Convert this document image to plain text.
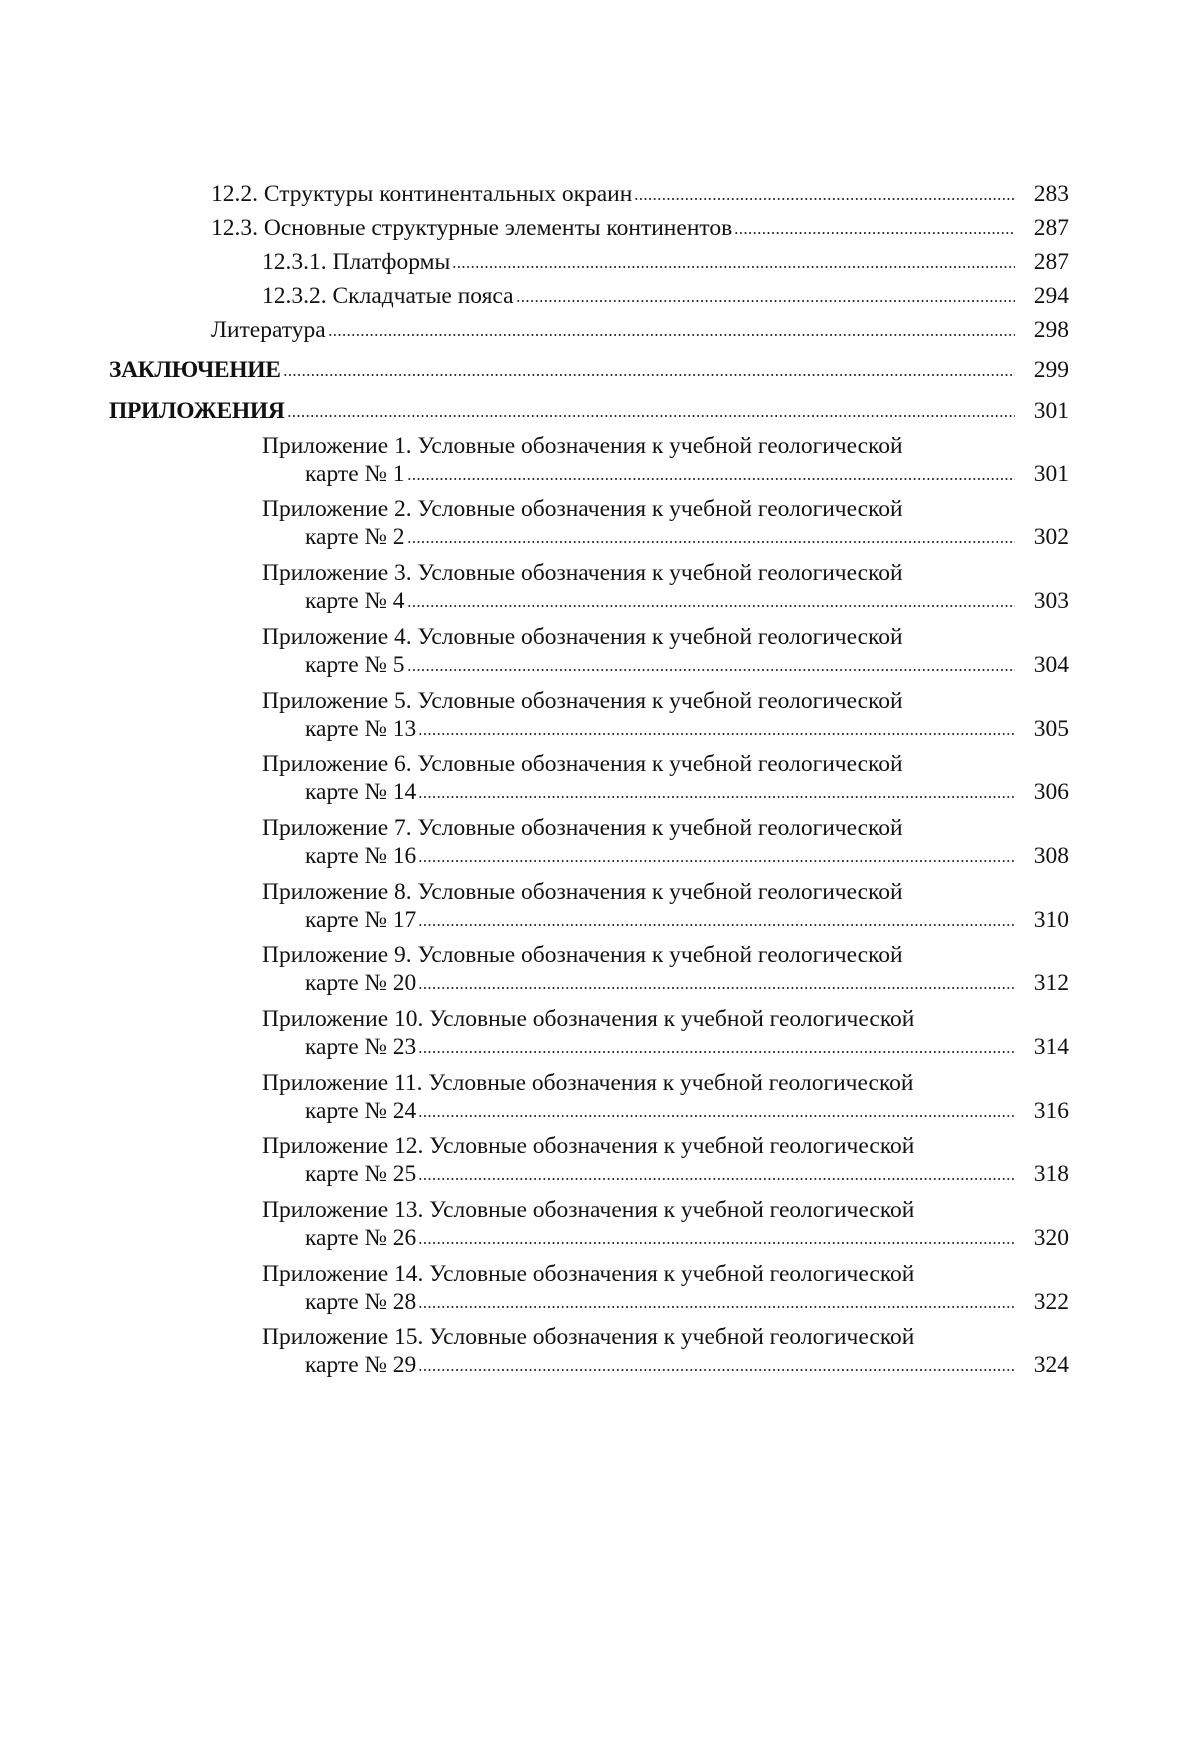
12.2. Структуры континентальных окраин	283
12.3. Основные структурные элементы континентов	287
12.3.1. Платформы	287
12.3.2. Складчатые пояса	294
Литература	298
ЗАКЛЮЧЕНИЕ	299
ПРИЛОЖЕНИЯ	301
Приложение 1. Условные обозначения к учебной геологической
карте № 1	301
Приложение 2. Условные обозначения к учебной геологической
карте № 2	302
Приложение 3. Условные обозначения к учебной геологической
карте № 4	303
Приложение 4. Условные обозначения к учебной геологической
карте № 5	304
Приложение 5. Условные обозначения к учебной геологической
карте № 13	305
Приложение 6. Условные обозначения к учебной геологической
карте № 14	306
Приложение 7. Условные обозначения к учебной геологической
карте № 16	308
Приложение 8. Условные обозначения к учебной геологической
карте № 17	310
Приложение 9. Условные обозначения к учебной геологической
карте № 20	312
Приложение 10. Условные обозначения к учебной геологической
карте № 23	314
Приложение 11. Условные обозначения к учебной геологической
карте № 24	316
Приложение 12. Условные обозначения к учебной геологической
карте № 25	318
Приложение 13. Условные обозначения к учебной геологической
карте № 26	320
Приложение 14. Условные обозначения к учебной геологической
карте № 28	322
Приложение 15. Условные обозначения к учебной геологической
карте № 29	324
